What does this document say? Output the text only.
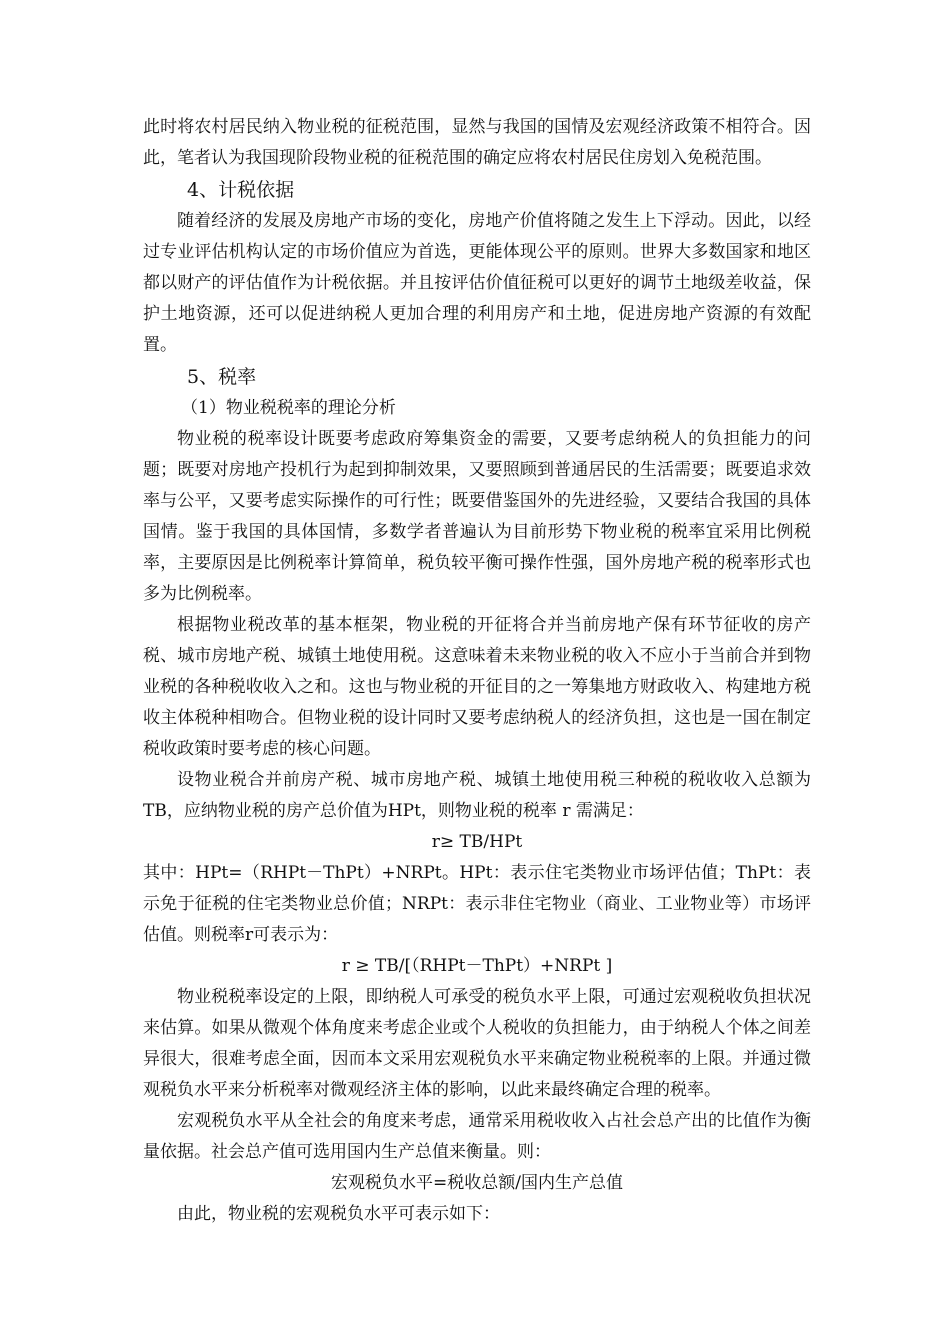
此时将农村居民纳入物业税的征税范围，显然与我国的国情及宏观经济政策不相符合。因此，笔者认为我国现阶段物业税的征税范围的确定应将农村居民住房划入免税范围。

4、计税依据

随着经济的发展及房地产市场的变化，房地产价值将随之发生上下浮动。因此，以经过专业评估机构认定的市场价值应为首选，更能体现公平的原则。世界大多数国家和地区都以财产的评估值作为计税依据。并且按评估价值征税可以更好的调节土地级差收益，保护土地资源，还可以促进纳税人更加合理的利用房产和土地，促进房地产资源的有效配置。

5、税率

（1）物业税税率的理论分析

物业税的税率设计既要考虑政府筹集资金的需要，又要考虑纳税人的负担能力的问题；既要对房地产投机行为起到抑制效果，又要照顾到普通居民的生活需要；既要追求效率与公平，又要考虑实际操作的可行性；既要借鉴国外的先进经验，又要结合我国的具体国情。鉴于我国的具体国情，多数学者普遍认为目前形势下物业税的税率宜采用比例税率，主要原因是比例税率计算简单，税负较平衡可操作性强，国外房地产税的税率形式也多为比例税率。

根据物业税改革的基本框架，物业税的开征将合并当前房地产保有环节征收的房产税、城市房地产税、城镇土地使用税。这意味着未来物业税的收入不应小于当前合并到物业税的各种税收收入之和。这也与物业税的开征目的之一筹集地方财政收入、构建地方税收主体税种相吻合。但物业税的设计同时又要考虑纳税人的经济负担，这也是一国在制定税收政策时要考虑的核心问题。

设物业税合并前房产税、城市房地产税、城镇土地使用税三种税的税收收入总额为TB，应纳物业税的房产总价值为HPt，则物业税的税率 r 需满足：

r≥ TB/HPt

其中：HPt=（RHPt－ThPt）+NRPt。HPt：表示住宅类物业市场评估值；ThPt：表示免于征税的住宅类物业总价值；NRPt：表示非住宅物业（商业、工业物业等）市场评估值。则税率r可表示为：

r ≥ TB/[（RHPt－ThPt）+NRPt ]

物业税税率设定的上限，即纳税人可承受的税负水平上限，可通过宏观税收负担状况来估算。如果从微观个体角度来考虑企业或个人税收的负担能力，由于纳税人个体之间差异很大，很难考虑全面，因而本文采用宏观税负水平来确定物业税税率的上限。并通过微观税负水平来分析税率对微观经济主体的影响，以此来最终确定合理的税率。

宏观税负水平从全社会的角度来考虑，通常采用税收收入占社会总产出的比值作为衡量依据。社会总产值可选用国内生产总值来衡量。则：

宏观税负水平=税收总额/国内生产总值

由此，物业税的宏观税负水平可表示如下：
